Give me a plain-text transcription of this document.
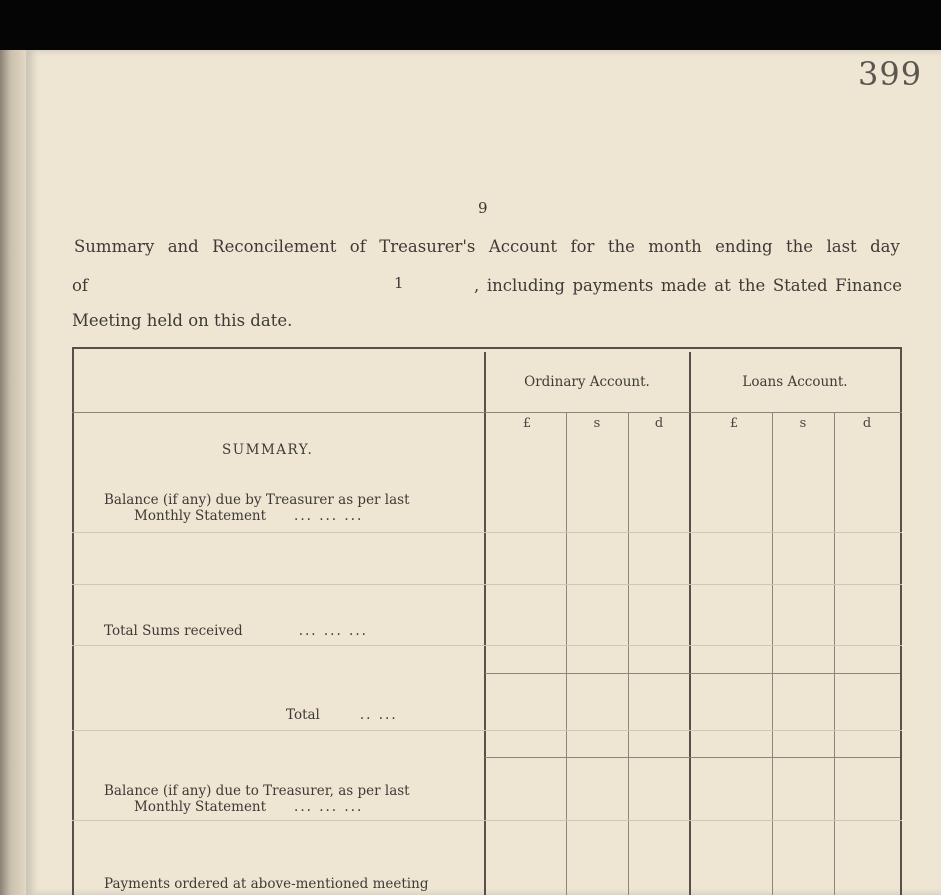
399
9
Summary and Reconcilement of Treasurer's Account for the month ending the last day
of	1	, including payments made at the Stated Finance
Meeting held on this date.
Ordinary Account.	Loans Account.
£	s	d	£	s	d
SUMMARY.
Balance (if any) due by Treasurer as per last
Monthly Statement ... ... ...
Total Sums received	... ... ...
Total	.. ...
Balance (if any) due to Treasurer, as per last
Monthly Statement ... ... ...
Payments ordered at above-mentioned meeting
